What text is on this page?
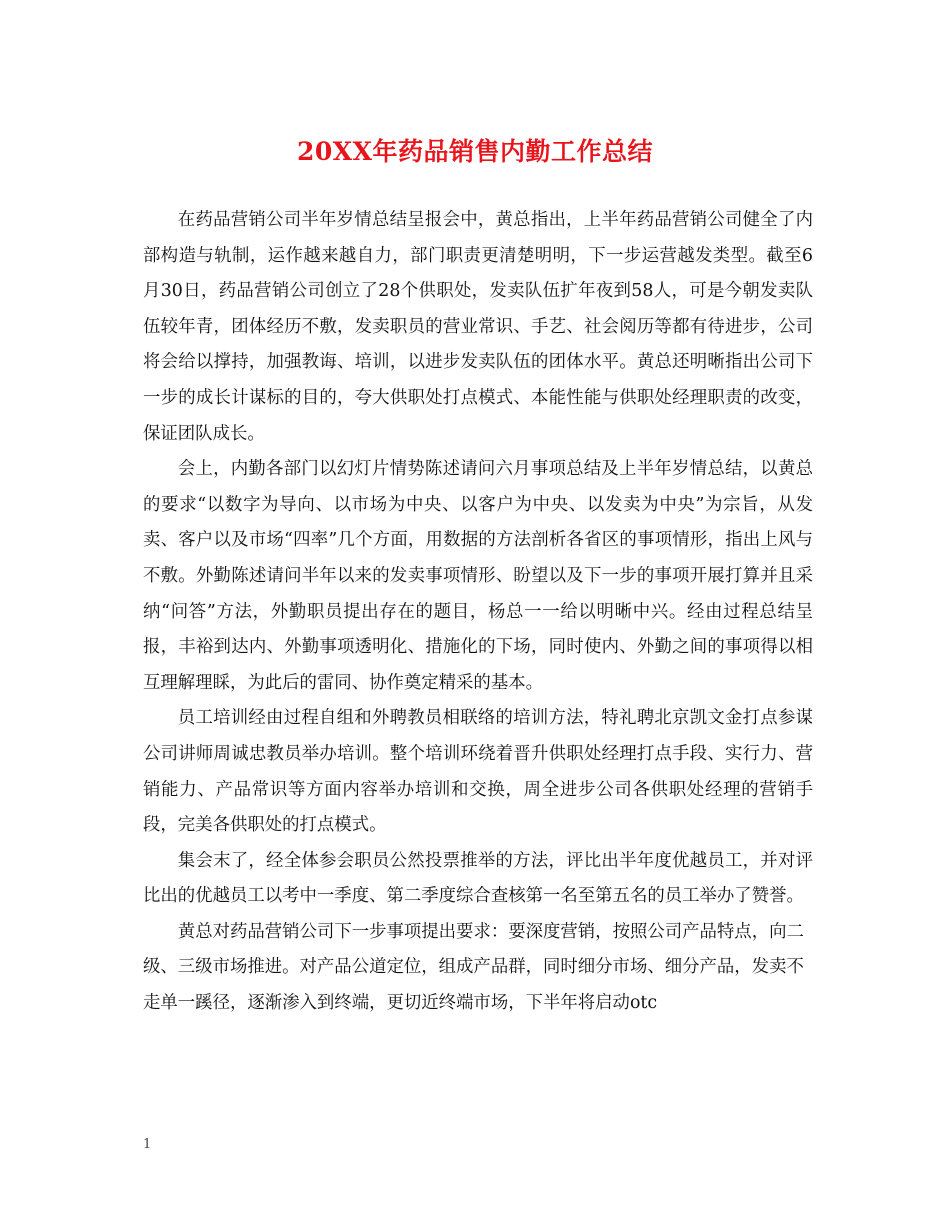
20XX年药品销售内勤工作总结

在药品营销公司半年岁情总结呈报会中，黄总指出，上半年药品营销公司健全了内部构造与轨制，运作越来越自力，部门职责更清楚明明，下一步运营越发类型。截至6月30日，药品营销公司创立了28个供职处，发卖队伍扩年夜到58人，可是今朝发卖队伍较年青，团体经历不敷，发卖职员的营业常识、手艺、社会阅历等都有待进步，公司将会给以撑持，加强教诲、培训，以进步发卖队伍的团体水平。黄总还明晰指出公司下一步的成长计谋标的目的，夸大供职处打点模式、本能性能与供职处经理职责的改变，保证团队成长。

会上，内勤各部门以幻灯片情势陈述请问六月事项总结及上半年岁情总结，以黄总的要求“以数字为导向、以市场为中央、以客户为中央、以发卖为中央”为宗旨，从发卖、客户以及市场“四率”几个方面，用数据的方法剖析各省区的事项情形，指出上风与不敷。外勤陈述请问半年以来的发卖事项情形、盼望以及下一步的事项开展打算并且采纳“问答”方法，外勤职员提出存在的题目，杨总一一给以明晰中兴。经由过程总结呈报，丰裕到达内、外勤事项透明化、措施化的下场，同时使内、外勤之间的事项得以相互理解理睬，为此后的雷同、协作奠定精采的基本。

员工培训经由过程自组和外聘教员相联络的培训方法，特礼聘北京凯文金打点参谋公司讲师周诚忠教员举办培训。整个培训环绕着晋升供职处经理打点手段、实行力、营销能力、产品常识等方面内容举办培训和交换，周全进步公司各供职处经理的营销手段，完美各供职处的打点模式。

集会末了，经全体参会职员公然投票推举的方法，评比出半年度优越员工，并对评比出的优越员工以考中一季度、第二季度综合查核第一名至第五名的员工举办了赞誉。

黄总对药品营销公司下一步事项提出要求：要深度营销，按照公司产品特点，向二级、三级市场推进。对产品公道定位，组成产品群，同时细分市场、细分产品，发卖不走单一蹊径，逐渐渗入到终端，更切近终端市场，下半年将启动otc

1
